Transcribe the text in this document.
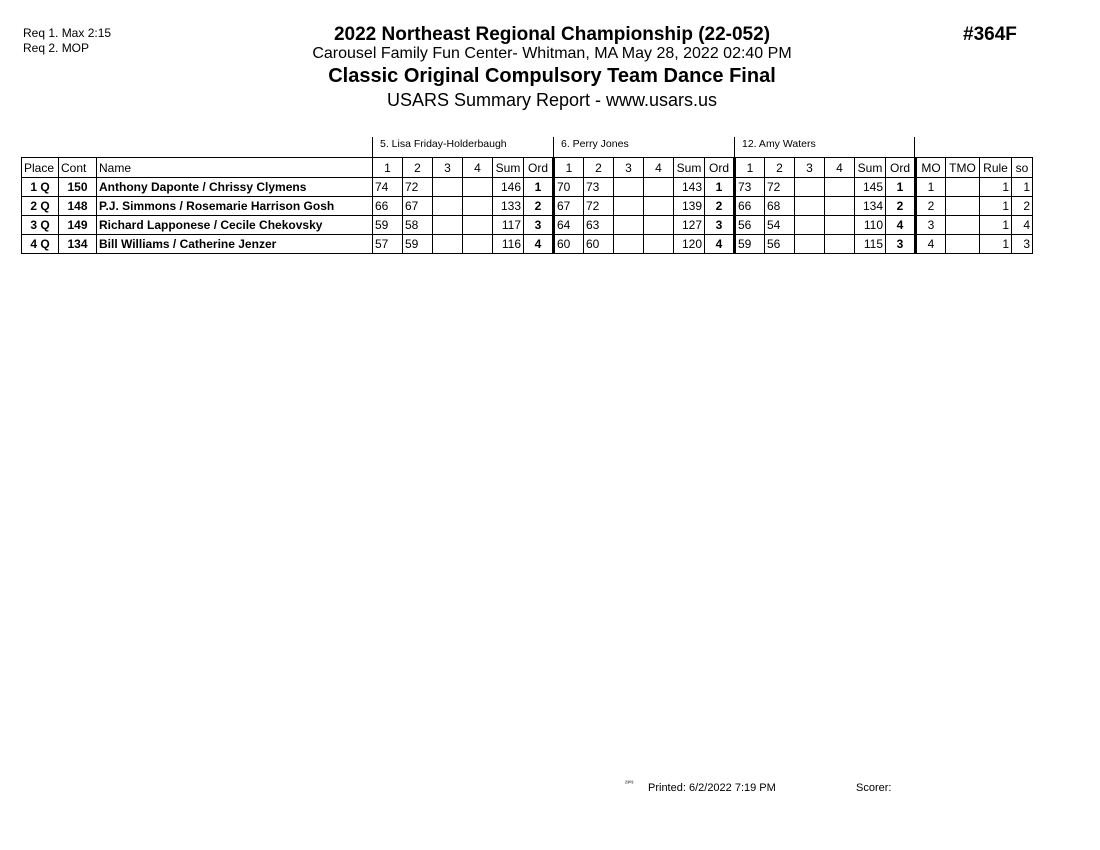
Req 1. Max 2:15
Req 2. MOP
#364F
2022 Northeast Regional Championship (22-052)
Carousel Family Fun Center- Whitman, MA May 28, 2022 02:40 PM
Classic Original Compulsory Team Dance Final
USARS Summary Report - www.usars.us
5. Lisa Friday-Holderbaugh	6. Perry Jones	12. Amy Waters
Place	Cont	Name	1	2	3	4	Sum	Ord	1	2	3	4	Sum	Ord	1	2	3	4	Sum	Ord	MO	TMO	Rule	so
1 Q	150	Anthony Daponte / Chrissy Clymens	74	72			146	1	70	73			143	1	73	72			145	1	1		1	1
2 Q	148	P.J. Simmons / Rosemarie Harrison Gosh	66	67			133	2	67	72			139	2	66	68			134	2	2		1	2
3 Q	149	Richard Lapponese / Cecile Chekovsky	59	58			117	3	64	63			127	3	56	54			110	4	3		1	4
4 Q	134	Bill Williams / Catherine Jenzer	57	59			116	4	60	60			120	4	59	56			115	3	4		1	3
²³⁰³ Printed: 6/2/2022 7:19 PM	Scorer:
